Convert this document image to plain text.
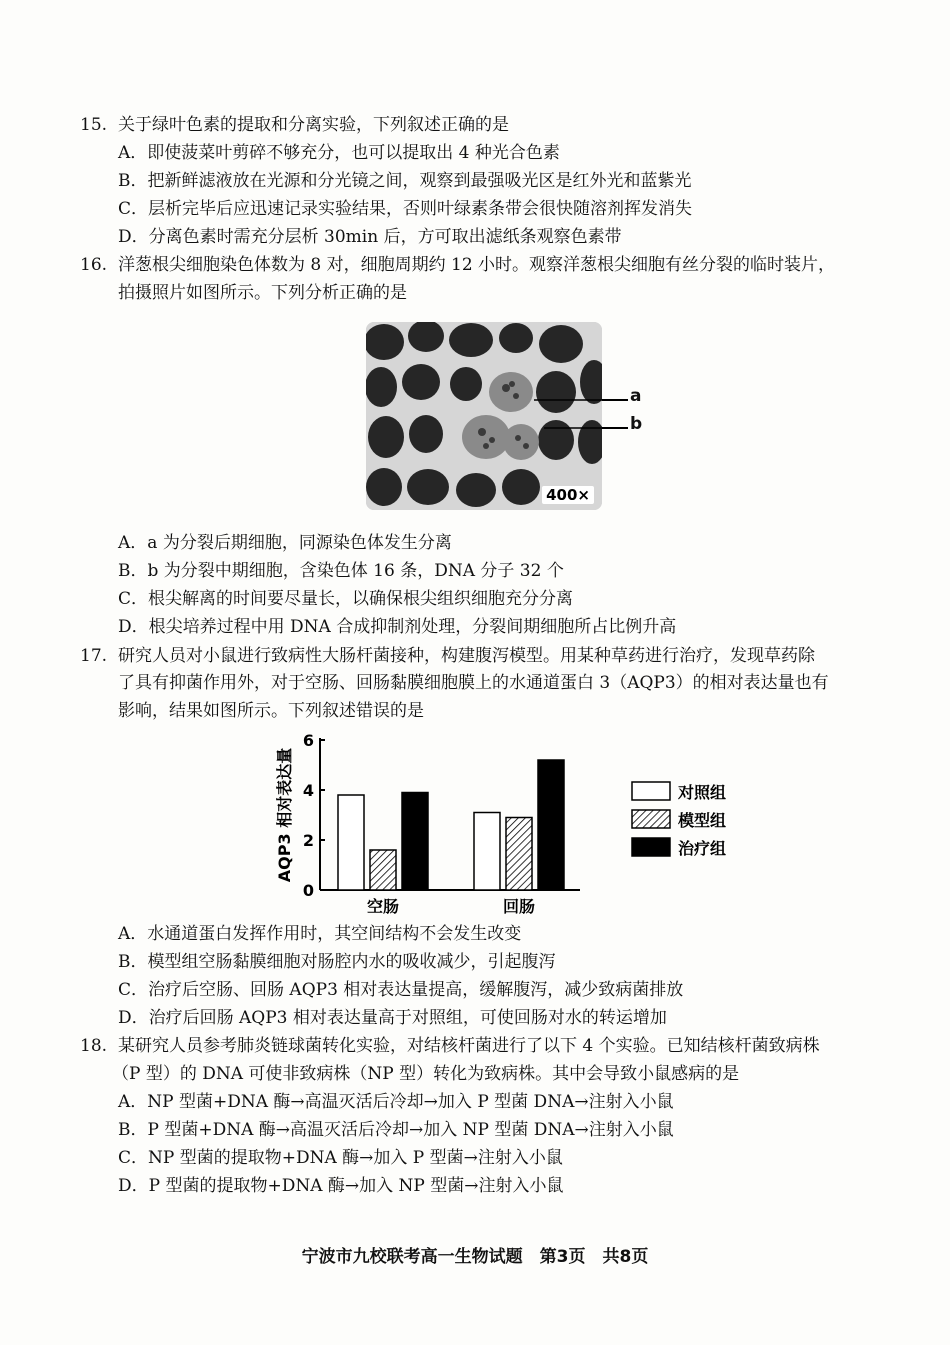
15. 关于绿叶色素的提取和分离实验，下列叙述正确的是
A．即使菠菜叶剪碎不够充分，也可以提取出 4 种光合色素
B．把新鲜滤液放在光源和分光镜之间，观察到最强吸光区是红外光和蓝紫光
C．层析完毕后应迅速记录实验结果，否则叶绿素条带会很快随溶剂挥发消失
D．分离色素时需充分层析 30min 后，方可取出滤纸条观察色素带
16. 洋葱根尖细胞染色体数为 8 对，细胞周期约 12 小时。观察洋葱根尖细胞有丝分裂的临时装片，
拍摄照片如图所示。下列分析正确的是
400×
a
b
A．a 为分裂后期细胞，同源染色体发生分离
B．b 为分裂中期细胞，含染色体 16 条，DNA 分子 32 个
C．根尖解离的时间要尽量长，以确保根尖组织细胞充分分离
D．根尖培养过程中用 DNA 合成抑制剂处理，分裂间期细胞所占比例升高
17. 研究人员对小鼠进行致病性大肠杆菌接种，构建腹泻模型。用某种草药进行治疗，发现草药除
了具有抑菌作用外，对于空肠、回肠黏膜细胞膜上的水通道蛋白 3（AQP3）的相对表达量也有
影响，结果如图所示。下列叙述错误的是
AQP3 相对表达量
0
2
4
6
空肠	回肠
对照组
模型组
治疗组
A．水通道蛋白发挥作用时，其空间结构不会发生改变
B．模型组空肠黏膜细胞对肠腔内水的吸收减少，引起腹泻
C．治疗后空肠、回肠 AQP3 相对表达量提高，缓解腹泻，减少致病菌排放
D．治疗后回肠 AQP3 相对表达量高于对照组，可使回肠对水的转运增加
18. 某研究人员参考肺炎链球菌转化实验，对结核杆菌进行了以下 4 个实验。已知结核杆菌致病株
（P 型）的 DNA 可使非致病株（NP 型）转化为致病株。其中会导致小鼠感病的是
A．NP 型菌+DNA 酶→高温灭活后冷却→加入 P 型菌 DNA→注射入小鼠
B．P 型菌+DNA 酶→高温灭活后冷却→加入 NP 型菌 DNA→注射入小鼠
C．NP 型菌的提取物+DNA 酶→加入 P 型菌→注射入小鼠
D．P 型菌的提取物+DNA 酶→加入 NP 型菌→注射入小鼠
宁波市九校联考高一生物试题　第3页　共8页
